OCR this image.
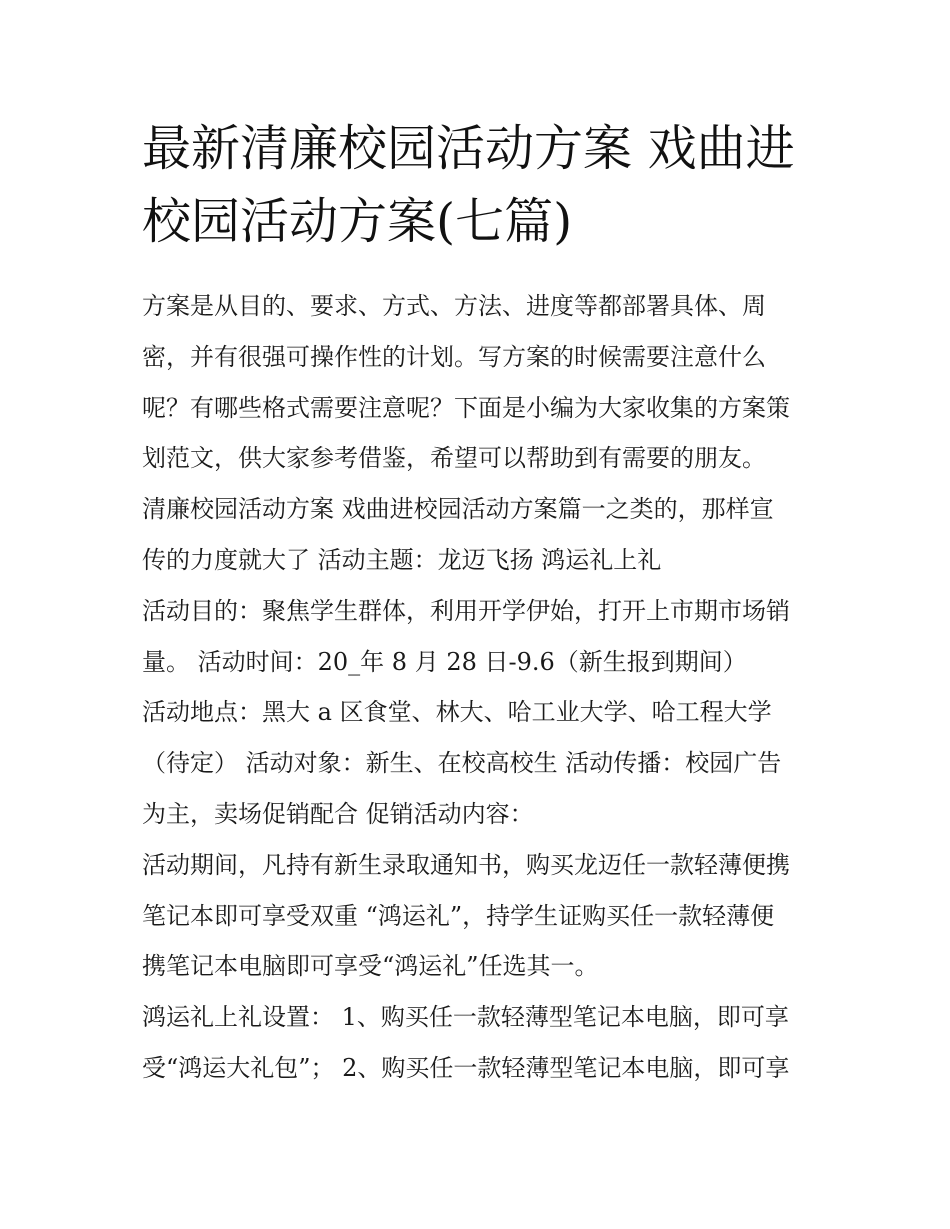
最新清廉校园活动方案 戏曲进
校园活动方案(七篇)
方案是从目的、要求、方式、方法、进度等都部署具体、周
密，并有很强可操作性的计划。写方案的时候需要注意什么
呢？有哪些格式需要注意呢？下面是小编为大家收集的方案策
划范文，供大家参考借鉴，希望可以帮助到有需要的朋友。
清廉校园活动方案 戏曲进校园活动方案篇一之类的，那样宣
传的力度就大了 活动主题：龙迈飞扬 鸿运礼上礼
活动目的：聚焦学生群体，利用开学伊始，打开上市期市场销
量。 活动时间：20_年 8 月 28 日-9.6（新生报到期间）
活动地点：黑大 a 区食堂、林大、哈工业大学、哈工程大学
（待定） 活动对象：新生、在校高校生 活动传播：校园广告
为主，卖场促销配合 促销活动内容：
活动期间，凡持有新生录取通知书，购买龙迈任一款轻薄便携
笔记本即可享受双重 “鸿运礼”，持学生证购买任一款轻薄便
携笔记本电脑即可享受“鸿运礼”任选其一。
鸿运礼上礼设置： 1、购买任一款轻薄型笔记本电脑，即可享
受“鸿运大礼包”； 2、购买任一款轻薄型笔记本电脑，即可享
